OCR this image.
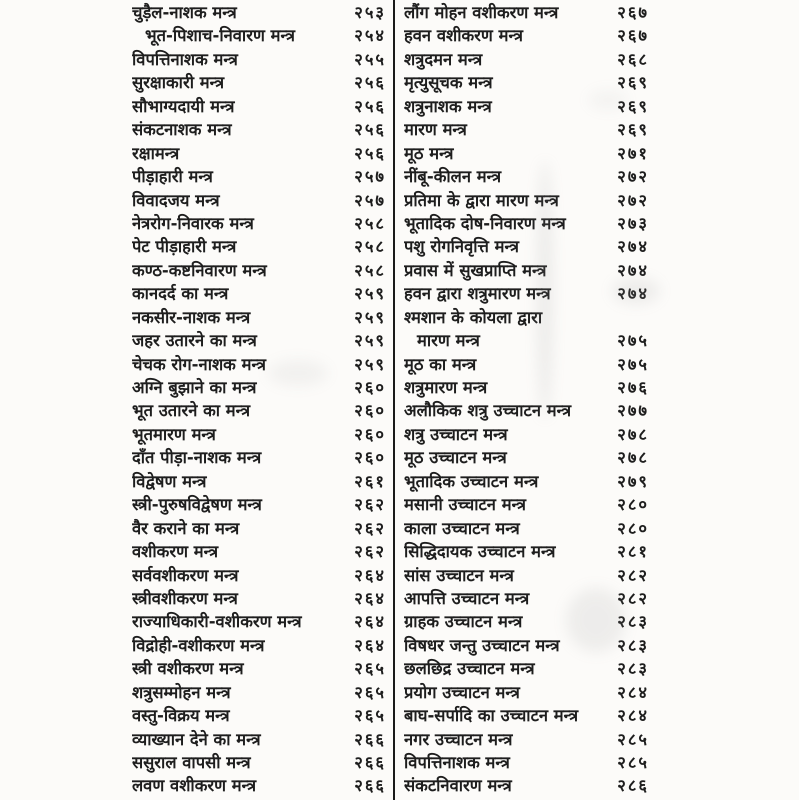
चुड़ैल-नाशक मन्त्र	२५३
भूत-पिशाच-निवारण मन्त्र	२५४
विपत्तिनाशक मन्त्र	२५५
सुरक्षाकारी मन्त्र	२५६
सौभाग्यदायी मन्त्र	२५६
संकटनाशक मन्त्र	२५६
रक्षामन्त्र	२५६
पीड़ाहारी मन्त्र	२५७
विवादजय मन्त्र	२५७
नेत्ररोग-निवारक मन्त्र	२५८
पेट पीड़ाहारी मन्त्र	२५८
कण्ठ-कष्टनिवारण मन्त्र	२५८
कानदर्द का मन्त्र	२५९
नकसीर-नाशक मन्त्र	२५९
जहर उतारने का मन्त्र	२५९
चेचक रोग-नाशक मन्त्र	२५९
अग्नि बुझाने का मन्त्र	२६०
भूत उतारने का मन्त्र	२६०
भूतमारण मन्त्र	२६०
दाँत पीड़ा-नाशक मन्त्र	२६०
विद्वेषण मन्त्र	२६१
स्त्री-पुरुषविद्वेषण मन्त्र	२६२
वैर कराने का मन्त्र	२६२
वशीकरण मन्त्र	२६२
सर्ववशीकरण मन्त्र	२६४
स्त्रीवशीकरण मन्त्र	२६४
राज्याधिकारी-वशीकरण मन्त्र	२६४
विद्रोही-वशीकरण मन्त्र	२६४
स्त्री वशीकरण मन्त्र	२६५
शत्रुसम्मोहन मन्त्र	२६५
वस्तु-विक्रय मन्त्र	२६५
व्याख्यान देने का मन्त्र	२६६
ससुराल वापसी मन्त्र	२६६
लवण वशीकरण मन्त्र	२६६
लौंग मोहन वशीकरण मन्त्र	२६७
हवन वशीकरण मन्त्र	२६७
शत्रुदमन मन्त्र	२६८
मृत्युसूचक मन्त्र	२६९
शत्रुनाशक मन्त्र	२६९
मारण मन्त्र	२६९
मूठ मन्त्र	२७१
नींबू-कीलन मन्त्र	२७२
प्रतिमा के द्वारा मारण मन्त्र	२७२
भूतादिक दोष-निवारण मन्त्र	२७३
पशु रोगनिवृत्ति मन्त्र	२७४
प्रवास में सुखप्राप्ति मन्त्र	२७४
हवन द्वारा शत्रुमारण मन्त्र	२७४
श्मशान के कोयला द्वारा
मारण मन्त्र	२७५
मूठ का मन्त्र	२७५
शत्रुमारण मन्त्र	२७६
अलौकिक शत्रु उच्चाटन मन्त्र	२७७
शत्रु उच्चाटन मन्त्र	२७८
मूठ उच्चाटन मन्त्र	२७८
भूतादिक उच्चाटन मन्त्र	२७९
मसानी उच्चाटन मन्त्र	२८०
काला उच्चाटन मन्त्र	२८०
सिद्धिदायक उच्चाटन मन्त्र	२८१
सांस उच्चाटन मन्त्र	२८२
आपत्ति उच्चाटन मन्त्र	२८२
ग्राहक उच्चाटन मन्त्र	२८३
विषधर जन्तु उच्चाटन मन्त्र	२८३
छलछिद्र उच्चाटन मन्त्र	२८३
प्रयोग उच्चाटन मन्त्र	२८४
बाघ-सर्पादि का उच्चाटन मन्त्र	२८४
नगर उच्चाटन मन्त्र	२८५
विपत्तिनाशक मन्त्र	२८५
संकटनिवारण मन्त्र	२८६
